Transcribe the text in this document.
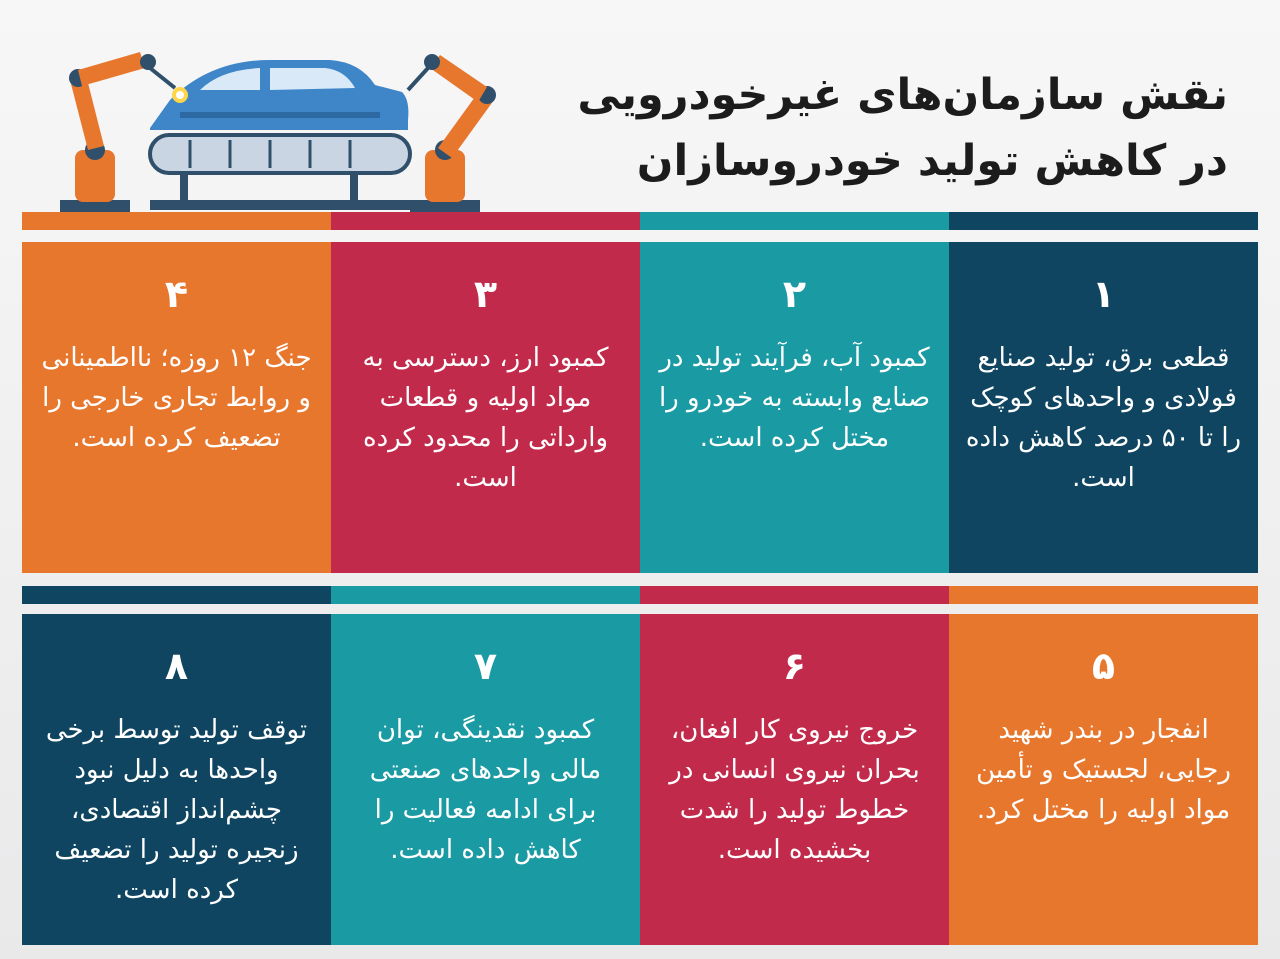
نقش سازمان‌های غیرخودرویی
در کاهش تولید خودروسازان
۴
جنگ ۱۲ روزه؛ نااطمینانی و روابط تجاری خارجی را تضعیف کرده است.
۳
کمبود ارز، دسترسی به مواد اولیه و قطعات وارداتی را محدود کرده است.
۲
کمبود آب، فرآیند تولید در صنایع وابسته به خودرو را مختل کرده است.
۱
قطعی برق، تولید صنایع فولادی و واحدهای کوچک را تا ۵۰ درصد کاهش داده است.
۸
توقف تولید توسط برخی واحدها به دلیل نبود چشم‌انداز اقتصادی، زنجیره تولید را تضعیف کرده است.
۷
کمبود نقدینگی، توان مالی واحدهای صنعتی برای ادامه فعالیت را کاهش داده است.
۶
خروج نیروی کار افغان، بحران نیروی انسانی در خطوط تولید را شدت بخشیده است.
۵
انفجار در بندر شهید رجایی، لجستیک و تأمین مواد اولیه را مختل کرد.
